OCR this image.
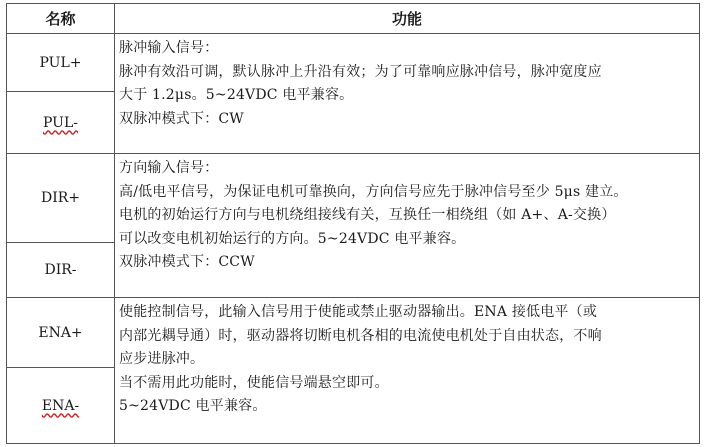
名称	功能
PUL+	脉冲输入信号：

脉冲有效沿可调，默认脉冲上升沿有效；为了可靠响应脉冲信号，脉冲宽度应

大于 1.2μs。5~24VDC 电平兼容。

双脉冲模式下：CW

PUL-	
DIR+	方向输入信号：

高/低电平信号，为保证电机可靠换向，方向信号应先于脉冲信号至少 5μs 建立。

电机的初始运行方向与电机绕组接线有关，互换任一相绕组（如 A+、A-交换）

可以改变电机初始运行的方向。5~24VDC 电平兼容。

双脉冲模式下：CCW

DIR-	
ENA+	使能控制信号，此输入信号用于使能或禁止驱动器输出。ENA 接低电平（或

内部光耦导通）时，驱动器将切断电机各相的电流使电机处于自由状态，不响

应步进脉冲。

当不需用此功能时，使能信号端悬空即可。

5~24VDC 电平兼容。

ENA-	
